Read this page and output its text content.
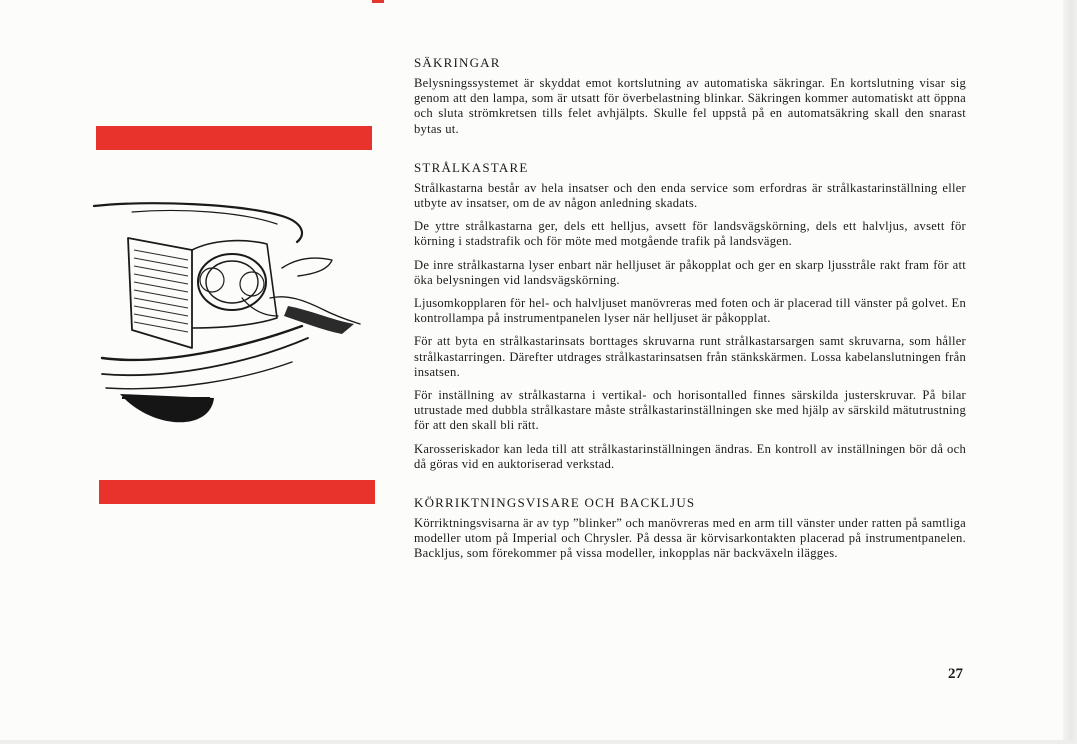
SÄKRINGAR

Belysningssystemet är skyddat emot kortslutning av automatiska säkringar. En kortslutning visar sig genom att den lampa, som är utsatt för överbelastning blinkar. Säkringen kommer automatiskt att öppna och sluta strömkretsen tills felet avhjälpts. Skulle fel uppstå på en automatsäkring skall den snarast bytas ut.

STRÅLKASTARE

Strålkastarna består av hela insatser och den enda service som erfordras är strålkastarinställning eller utbyte av insatser, om de av någon anledning skadats.

De yttre strålkastarna ger, dels ett helljus, avsett för landsvägskörning, dels ett halvljus, avsett för körning i stadstrafik och för möte med motgående trafik på landsvägen.

De inre strålkastarna lyser enbart när helljuset är påkopplat och ger en skarp ljusstråle rakt fram för att öka belysningen vid landsvägskörning.

Ljusomkopplaren för hel- och halvljuset manövreras med foten och är placerad till vänster på golvet. En kontrollampa på instrumentpanelen lyser när helljuset är påkopplat.

För att byta en strålkastarinsats borttages skruvarna runt strålkastarsargen samt skruvarna, som håller strålkastarringen. Därefter utdrages strålkastarinsatsen från stänkskärmen. Lossa kabelanslutningen från insatsen.

För inställning av strålkastarna i vertikal- och horisontalled finnes särskilda justerskruvar. På bilar utrustade med dubbla strålkastare måste strålkastarinställningen ske med hjälp av särskild mätutrustning för att den skall bli rätt.

Karosseriskador kan leda till att strålkastarinställningen ändras. En kontroll av inställningen bör då och då göras vid en auktoriserad verkstad.

KÖRRIKTNINGSVISARE OCH BACKLJUS

Körriktningsvisarna är av typ ”blinker” och manövreras med en arm till vänster under ratten på samtliga modeller utom på Imperial och Chrysler. På dessa är körvisarkontakten placerad på instrumentpanelen. Backljus, som förekommer på vissa modeller, inkopplas när backväxeln ilägges.

27
